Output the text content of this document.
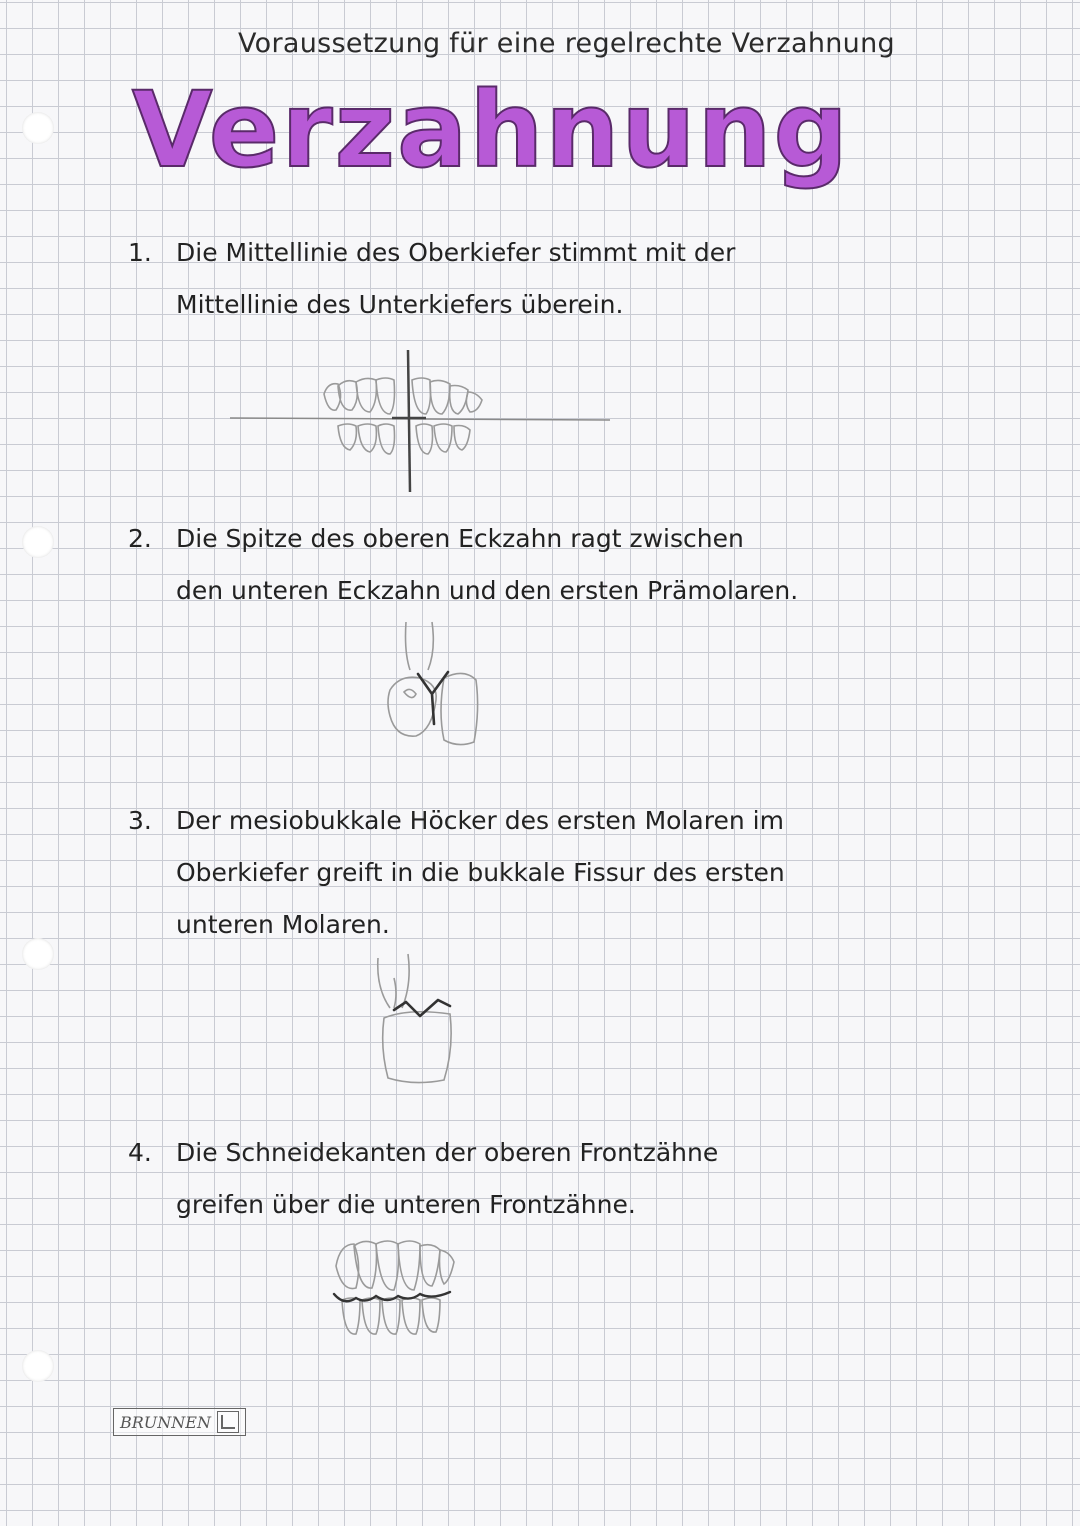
Voraussetzung für eine regelrechte Verzahnung
Verzahnung
1. Die Mittellinie des Oberkiefer stimmt mit der
Mittellinie des Unterkiefers überein.
2. Die Spitze des oberen Eckzahn ragt zwischen
den unteren Eckzahn und den ersten Prämolaren.
3. Der mesiobukkale Höcker des ersten Molaren im
Oberkiefer greift in die bukkale Fissur des ersten
unteren Molaren.
4. Die Schneidekanten der oberen Frontzähne
greifen über die unteren Frontzähne.
BRUNNEN
